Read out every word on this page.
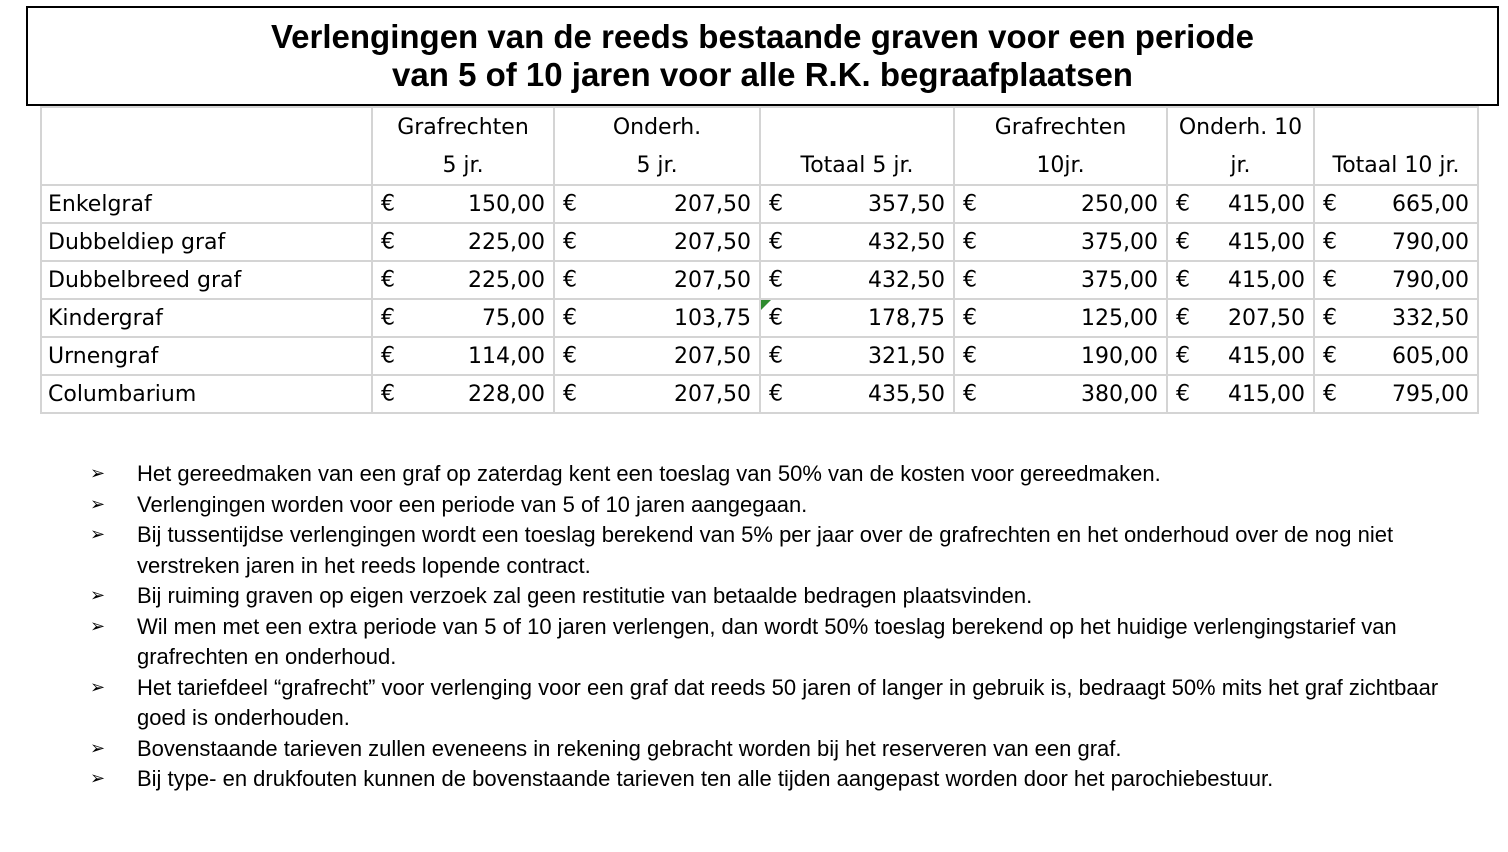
Verlengingen van de reeds bestaande graven voor een periode
van 5 of 10 jaren voor alle R.K. begraafplaatsen
	Grafrechten	Onderh.		Grafrechten	Onderh. 10	
	5 jr.	5 jr.	Totaal 5 jr.	10jr.	jr.	Totaal 10 jr.
Enkelgraf	€ 150,00	€ 207,50	€ 357,50	€ 250,00	€ 415,00	€ 665,00

Dubbeldiep graf	€ 225,00	€ 207,50	€ 432,50	€ 375,00	€ 415,00	€ 790,00

Dubbelbreed graf	€ 225,00	€ 207,50	€ 432,50	€ 375,00	€ 415,00	€ 790,00

Kindergraf	€ 75,00	€ 103,75	€ 178,75	€ 125,00	€ 207,50	€ 332,50

Urnengraf	€ 114,00	€ 207,50	€ 321,50	€ 190,00	€ 415,00	€ 605,00

Columbarium	€ 228,00	€ 207,50	€ 435,50	€ 380,00	€ 415,00	€ 795,00
➢ Het gereedmaken van een graf op zaterdag kent een toeslag van 50% van de kosten voor gereedmaken.
➢ Verlengingen worden voor een periode van 5 of 10 jaren aangegaan.
➢ Bij tussentijdse verlengingen wordt een toeslag berekend van 5% per jaar over de grafrechten en het onderhoud over de nog niet verstreken jaren in het reeds lopende contract.
➢ Bij ruiming graven op eigen verzoek zal geen restitutie van betaalde bedragen plaatsvinden.
➢ Wil men met een extra periode van 5 of 10 jaren verlengen, dan wordt 50% toeslag berekend op het huidige verlengingstarief van grafrechten en onderhoud.
➢ Het tariefdeel “grafrecht” voor verlenging voor een graf dat reeds 50 jaren of langer in gebruik is, bedraagt 50% mits het graf zichtbaar goed is onderhouden.
➢ Bovenstaande tarieven zullen eveneens in rekening gebracht worden bij het reserveren van een graf.
➢ Bij type- en drukfouten kunnen de bovenstaande tarieven ten alle tijden aangepast worden door het parochiebestuur.
